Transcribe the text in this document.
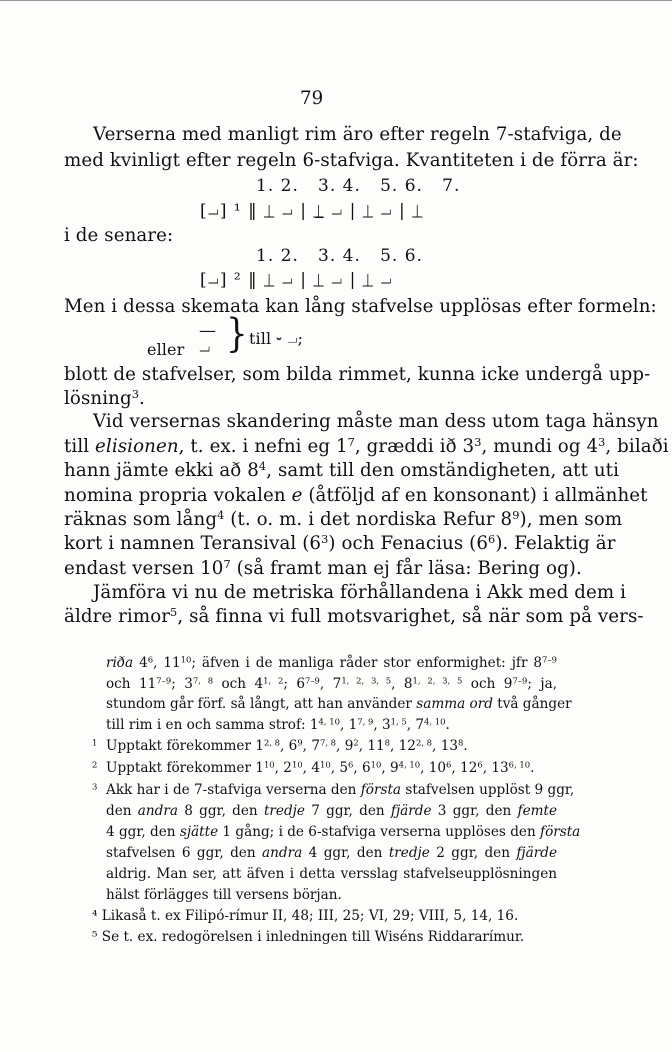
79
Verserna med manligt rim äro efter regeln 7-stafviga, de
med kvinligt efter regeln 6-stafviga. Kvantiteten i de förra är:
1. 2.   3. 4.   5. 6.   7.
[⏗] ¹ ‖ ⏊ ⏗ | ⏊̲ ⏗ | ⏊ ⏗ | ⏊
i de senare:
1. 2.   3. 4.   5. 6.
[⏗] ² ‖ ⏊ ⏗ | ⏊ ⏗ | ⏊ ⏗
Men i dessa skemata kan lång stafvelse upplösas efter formeln:
eller
—
⏗ } till ⏑ ⏗;
blott de stafvelser, som bilda rimmet, kunna icke undergå upp-
lösning$^3$.
Vid versernas skandering måste man dess utom taga hänsyn
till elisionen, t. ex. i nefni eg $1^7$, græddi ið $3^3$, mundi og $4^3$, bilaði
hann jämte ekki að $8^4$, samt till den omständigheten, att uti
nomina propria vokalen e (åtföljd af en konsonant) i allmänhet
räknas som lång$^4$ (t. o. m. i det nordiska Refur $8^9$), men som
kort i namnen Teransival $(6^3)$ och Fenacius $(6^6)$. Felaktig är
endast versen $10^7$ (så framt man ej får läsa: Bering og).
Jämföra vi nu de metriska förhållandena i Akk med dem i
äldre rimor$^5$, så finna vi full motsvarighet, så när som på vers-
riða $4^6$, $11^{10}$; äfven i de manliga råder stor enformighet: jfr 8$^{7-9}$
och 11$^{7-9}$; 3$^{7, 8}$ och 4$^{1, 2}$; 6$^{7-9}$, 7$^{1, 2, 3, 5}$, 8$^{1, 2, 3, 5}$ och 9$^{7-9}$; ja,
stundom går förf. så långt, att han använder samma ord två gånger
till rim i en och samma strof: 1$^{4, 10}$, 1$^{7, 9}$, 3$^{1, 5}$, 7$^{4, 10}$.
$^1$  Upptakt förekommer 1$^{2, 8}$, $6^9$, 7$^{7, 8}$, $9^2$, $11^8$, 12$^{2, 8}$, $13^8$.
$^2$  Upptakt förekommer $1^{10}$, $2^{10}$, $4^{10}$, $5^6$, $6^{10}$, 9$^{4, 10}$, $10^6$, $12^6$, 13$^{6, 10}$.
$^3$  Akk har i de 7-stafviga verserna den första stafvelsen upplöst 9 ggr,
den andra 8 ggr, den tredje 7 ggr, den fjärde 3 ggr, den femte
4 ggr, den sjätte 1 gång; i de 6-stafviga verserna upplöses den första
stafvelsen 6 ggr, den andra 4 ggr, den tredje 2 ggr, den fjärde
aldrig. Man ser, att äfven i detta versslag stafvelseupplösningen
hälst förlägges till versens början.
⁴ Likaså t. ex Filipó-rímur II, 48; III, 25; VI, 29; VIII, 5, 14, 16.
⁵ Se t. ex. redogörelsen i inledningen till Wiséns Riddararímur.
